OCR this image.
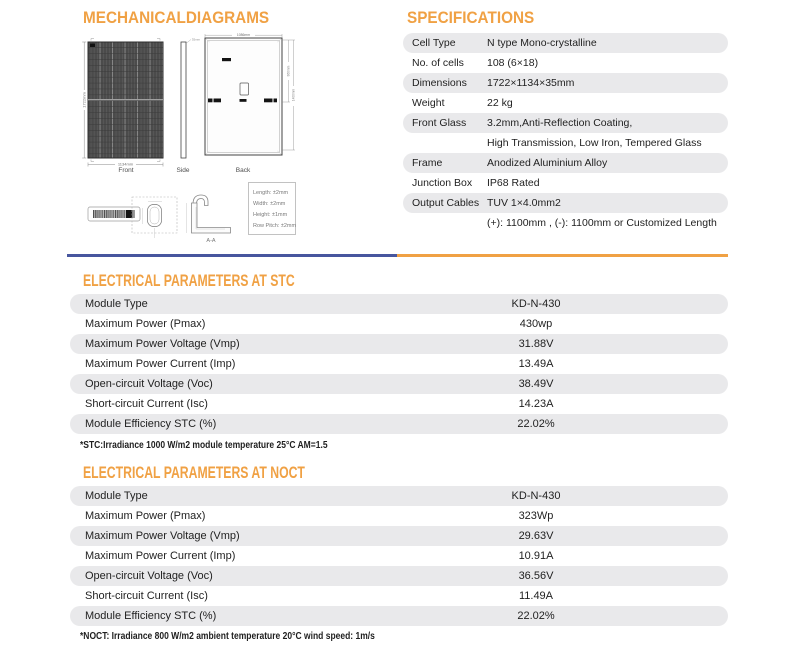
MECHANICALDIAGRAMS	SPECIFICATIONS
ELECTRICAL PARAMETERS AT STC
ELECTRICAL PARAMETERS AT NOCT
1134mm
1722mm
35mm
1086mm
860mm
1400mm
Front	Side	Back
A-A
Length: ±2mm
Width: ±2mm
Height: ±1mm
Row Pitch: ±2mm
Cell Type	N type Mono-crystalline
No. of cells	108 (6×18)
Dimensions	1722×1134×35mm
Weight	22 kg
Front Glass	3.2mm,Anti-Reflection Coating,
High Transmission, Low Iron, Tempered Glass
Frame	Anodized Aluminium Alloy
Junction Box	IP68 Rated
Output Cables TUV 1×4.0mm2
(+): 1100mm , (-): 1100mm or Customized Length
Module Type	KD-N-430
Maximum Power (Pmax)	430wp
Maximum Power Voltage (Vmp)	31.88V
Maximum Power Current (Imp)	13.49A
Open-circuit Voltage (Voc)	38.49V
Short-circuit Current (Isc)	14.23A
Module Efficiency STC (%)	22.02%
*STC:Irradiance 1000 W/m2 module temperature 25°C AM=1.5
Module Type	KD-N-430
Maximum Power (Pmax)	323Wp
Maximum Power Voltage (Vmp)	29.63V
Maximum Power Current (Imp)	10.91A
Open-circuit Voltage (Voc)	36.56V
Short-circuit Current (Isc)	11.49A
Module Efficiency STC (%)	22.02%
*NOCT: Irradiance 800 W/m2 ambient temperature 20°C wind speed: 1m/s
